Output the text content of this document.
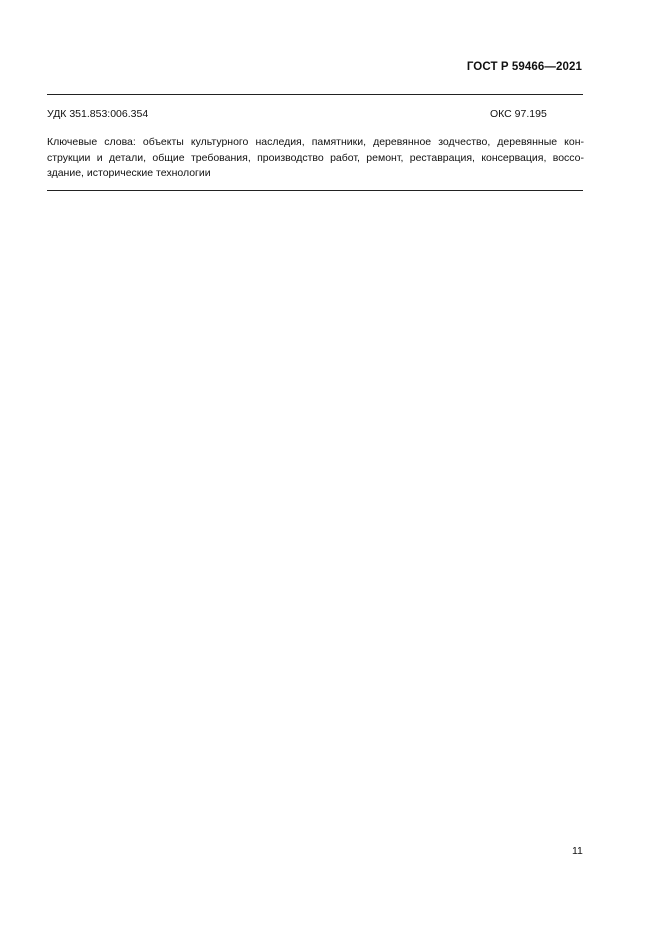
ГОСТ Р 59466—2021
УДК 351.853:006.354	ОКС 97.195
Ключевые слова: объекты культурного наследия, памятники, деревянное зодчество, деревянные кон-
струкции и детали, общие требования, производство работ, ремонт, реставрация, консервация, воссо-
здание, исторические технологии
11
